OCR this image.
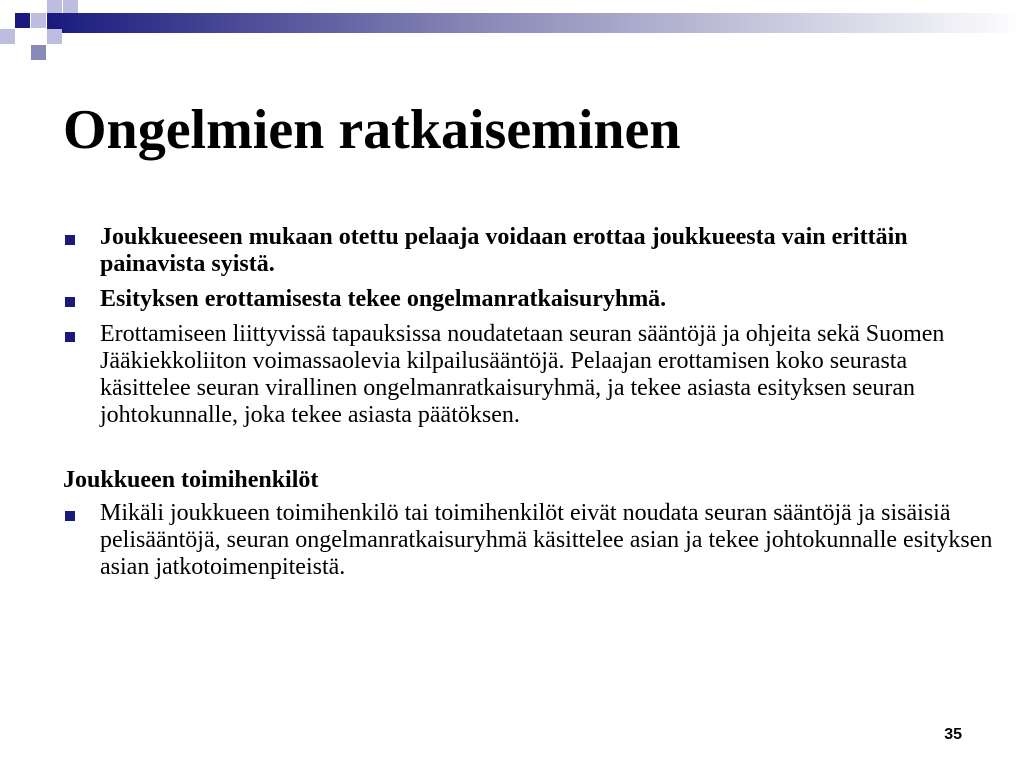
Ongelmien ratkaiseminen
Joukkueeseen mukaan otettu pelaaja voidaan erottaa joukkueesta vain erittäin painavista syistä.
Esityksen erottamisesta tekee ongelmanratkaisuryhmä.
Erottamiseen liittyvissä tapauksissa noudatetaan seuran sääntöjä ja ohjeita sekä Suomen Jääkiekkoliiton voimassaolevia kilpailusääntöjä. Pelaajan erottamisen koko seurasta käsittelee seuran virallinen ongelmanratkaisuryhmä, ja tekee asiasta esityksen seuran johtokunnalle, joka tekee asiasta päätöksen.
Joukkueen toimihenkilöt
Mikäli joukkueen toimihenkilö tai toimihenkilöt eivät noudata seuran sääntöjä ja sisäisiä pelisääntöjä, seuran ongelmanratkaisuryhmä käsittelee asian ja tekee johtokunnalle esityksen asian jatkotoimenpiteistä.
35
